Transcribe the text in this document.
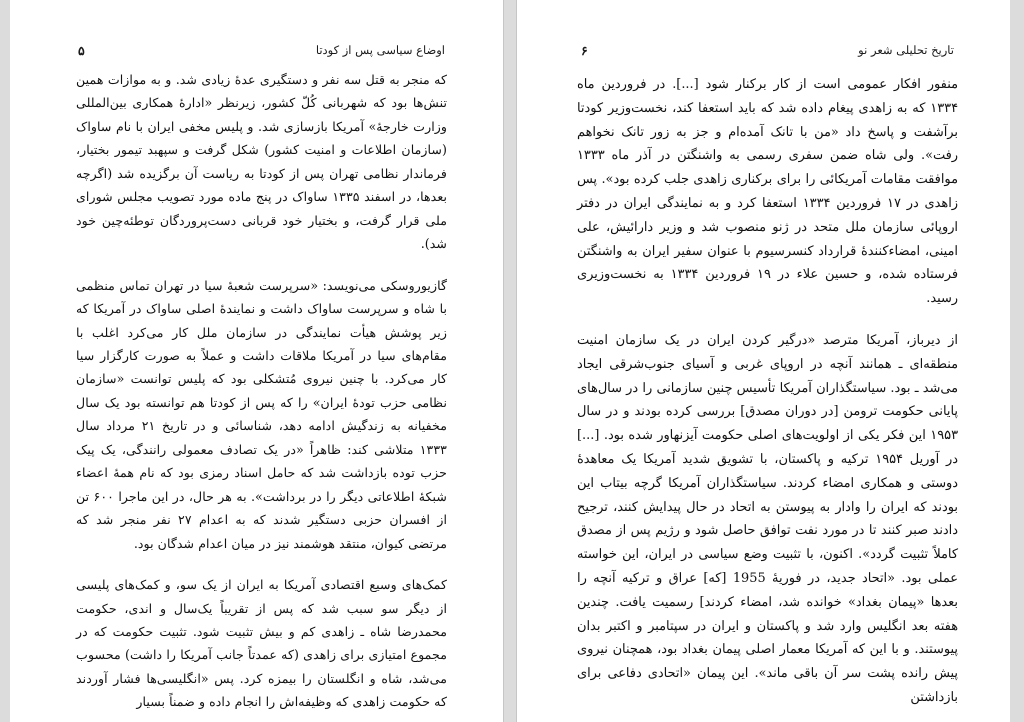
اوضاع سیاسی پس از کودتا
۵

که منجر به قتل سه نفر و دستگیری عدهٔ زیادی شد. و به موازات همین تنش‌ها بود که شهربانی کُلّ کشور، زیرنظر «ادارهٔ همکاری بین‌المللی وزارت خارجهٔ» آمریکا بازسازی شد. و پلیس مخفی ایران با نام ساواک (سازمان اطلاعات و امنیت کشور) شکل گرفت و سپهبد تیمور بختیار، فرماندار نظامی تهران پس از کودتا به ریاست آن برگزیده شد (اگرچه بعدها، در اسفند ۱۳۳۵ ساواک در پنج ماده مورد تصویب مجلس شورای ملی قرار گرفت، و بختیار خود قربانی دست‌پروردگان توطئه‌چین خود شد).

گازیوروسکی می‌نویسد: «سرپرست شعبهٔ سیا در تهران تماس منظمی با شاه و سرپرست ساواک داشت و نمایندهٔ اصلی ساواک در آمریکا که زیر پوشش هیأت نمایندگی در سازمان ملل کار می‌کرد اغلب با مقام‌های سیا در آمریکا ملاقات داشت و عملاً به صورت کارگزار سیا کار می‌کرد. با چنین نیروی مُتشکلی بود که پلیس توانست «سازمان نظامی حزب تودهٔ ایران» را که پس از کودتا هم توانسته بود یک سال مخفیانه به زندگیش ادامه دهد، شناسائی و در تاریخ ۲۱ مرداد سال ۱۳۳۳ متلاشی کند: ظاهراً «در یک تصادف معمولی رانندگی، یک پیک حزب توده بازداشت شد که حامل اسناد رمزی بود که نام همهٔ اعضاء شبکهٔ اطلاعاتی دیگر را در برداشت». به هر حال، در این ماجرا ۶۰۰ تن از افسران حزبی دستگیر شدند که به اعدام ۲۷ نفر منجر شد که مرتضی کیوان، منتقد هوشمند نیز در میان اعدام شدگان بود.

کمک‌های وسیع اقتصادی آمریکا به ایران از یک سو، و کمک‌های پلیسی از دیگر سو سبب شد که پس از تقریباً یک‌سال و اندی، حکومت محمدرضا شاه ـ زاهدی کم و بیش تثبیت شود. تثبیت حکومت که در مجموع امتیازی برای زاهدی (که عمدتاً جانب آمریکا را داشت) محسوب می‌شد، شاه و انگلستان را بیمزه کرد. پس «انگلیسی‌ها فشار آوردند که حکومت زاهدی که وظیفه‌اش را انجام داده و ضمناً بسیار

تاریخ تحلیلی شعر نو
۶

منفور افکار عمومی است از کار برکنار شود [...]. در فروردین ماه ۱۳۳۴ که به زاهدی پیغام داده شد که باید استعفا کند، نخست‌وزیر کودتا برآشفت و پاسخ داد «من با تانک آمده‌ام و جز به زور تانک نخواهم رفت». ولی شاه ضمن سفری رسمی به واشنگتن در آذر ماه ۱۳۳۳ موافقت مقامات آمریکائی را برای برکناری زاهدی جلب کرده بود». پس زاهدی در ۱۷ فروردین ۱۳۳۴ استعفا کرد و به نمایندگی ایران در دفتر اروپائی سازمان ملل متحد در ژنو منصوب شد و وزیر دارائیش، علی امینی، امضاءکنندهٔ قرارداد کنسرسیوم با عنوان سفیر ایران به واشنگتن فرستاده شده، و حسین علاء در ۱۹ فروردین ۱۳۳۴ به نخست‌وزیری رسید.

از دیرباز، آمریکا مترصد «درگیر کردن ایران در یک سازمان امنیت منطقه‌ای ـ همانند آنچه در اروپای غربی و آسیای جنوب‌شرقی ایجاد می‌شد ـ بود. سیاستگذاران آمریکا تأسیس چنین سازمانی را در سال‌های پایانی حکومت ترومن [در دوران مصدق] بررسی کرده بودند و در سال ۱۹۵۳ این فکر یکی از اولویت‌های اصلی حکومت آیزنهاور شده بود. [...] در آوریل ۱۹۵۴ ترکیه و پاکستان، با تشویق شدید آمریکا یک معاهدهٔ دوستی و همکاری امضاء کردند. سیاستگذاران آمریکا گرچه بیتاب این بودند که ایران را وادار به پیوستن به اتحاد در حال پیدایش کنند، ترجیح دادند صبر کنند تا در مورد نفت توافق حاصل شود و رژیم پس از مصدق کاملاً تثبیت گردد». اکنون، با تثبیت وضع سیاسی در ایران، این خواسته عملی بود. «اتحاد جدید، در فوریهٔ 1955 [که] عراق و ترکیه آنچه را بعدها «پیمان بغداد» خوانده شد، امضاء کردند] رسمیت یافت. چندین هفته بعد انگلیس وارد شد و پاکستان و ایران در سپتامبر و اکتبر بدان پیوستند. و با این که آمریکا معمار اصلی پیمان بغداد بود، همچنان نیروی پیش رانده پشت سر آن باقی ماند». این پیمان «اتحادی دفاعی برای بازداشتن
